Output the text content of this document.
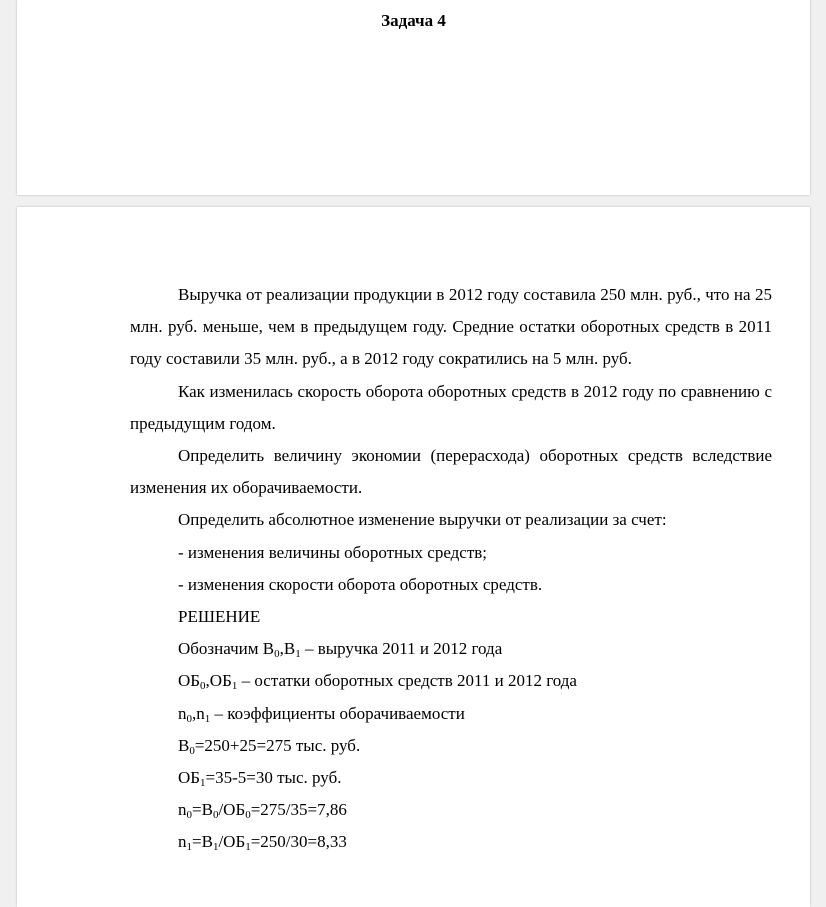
Задача 4

Выручка от реализации продукции в 2012 году составила 250 млн. руб., что на 25 млн. руб. меньше, чем в предыдущем году. Средние остатки оборотных средств в 2011 году составили 35 млн. руб., а в 2012 году сократились на 5 млн. руб.

Как изменилась скорость оборота оборотных средств в 2012 году по сравнению с предыдущим годом.

Определить величину экономии (перерасхода) оборотных средств вследствие изменения их оборачиваемости.

Определить абсолютное изменение выручки от реализации за счет:

- изменения величины оборотных средств;

- изменения скорости оборота оборотных средств.

РЕШЕНИЕ

Обозначим $В_0,В_1$ – выручка 2011 и 2012 года

$ОБ_0,ОБ_1$ – остатки оборотных средств 2011 и 2012 года

$n_0,n_1$ – коэффициенты оборачиваемости

$В_0=250+25=275$ тыс. руб.

$ОБ_1=35-5=30$ тыс. руб.

$n_0=В_0/ОБ_0=275/35=7,86$

$n_1=В_1/ОБ_1=250/30=8,33$
